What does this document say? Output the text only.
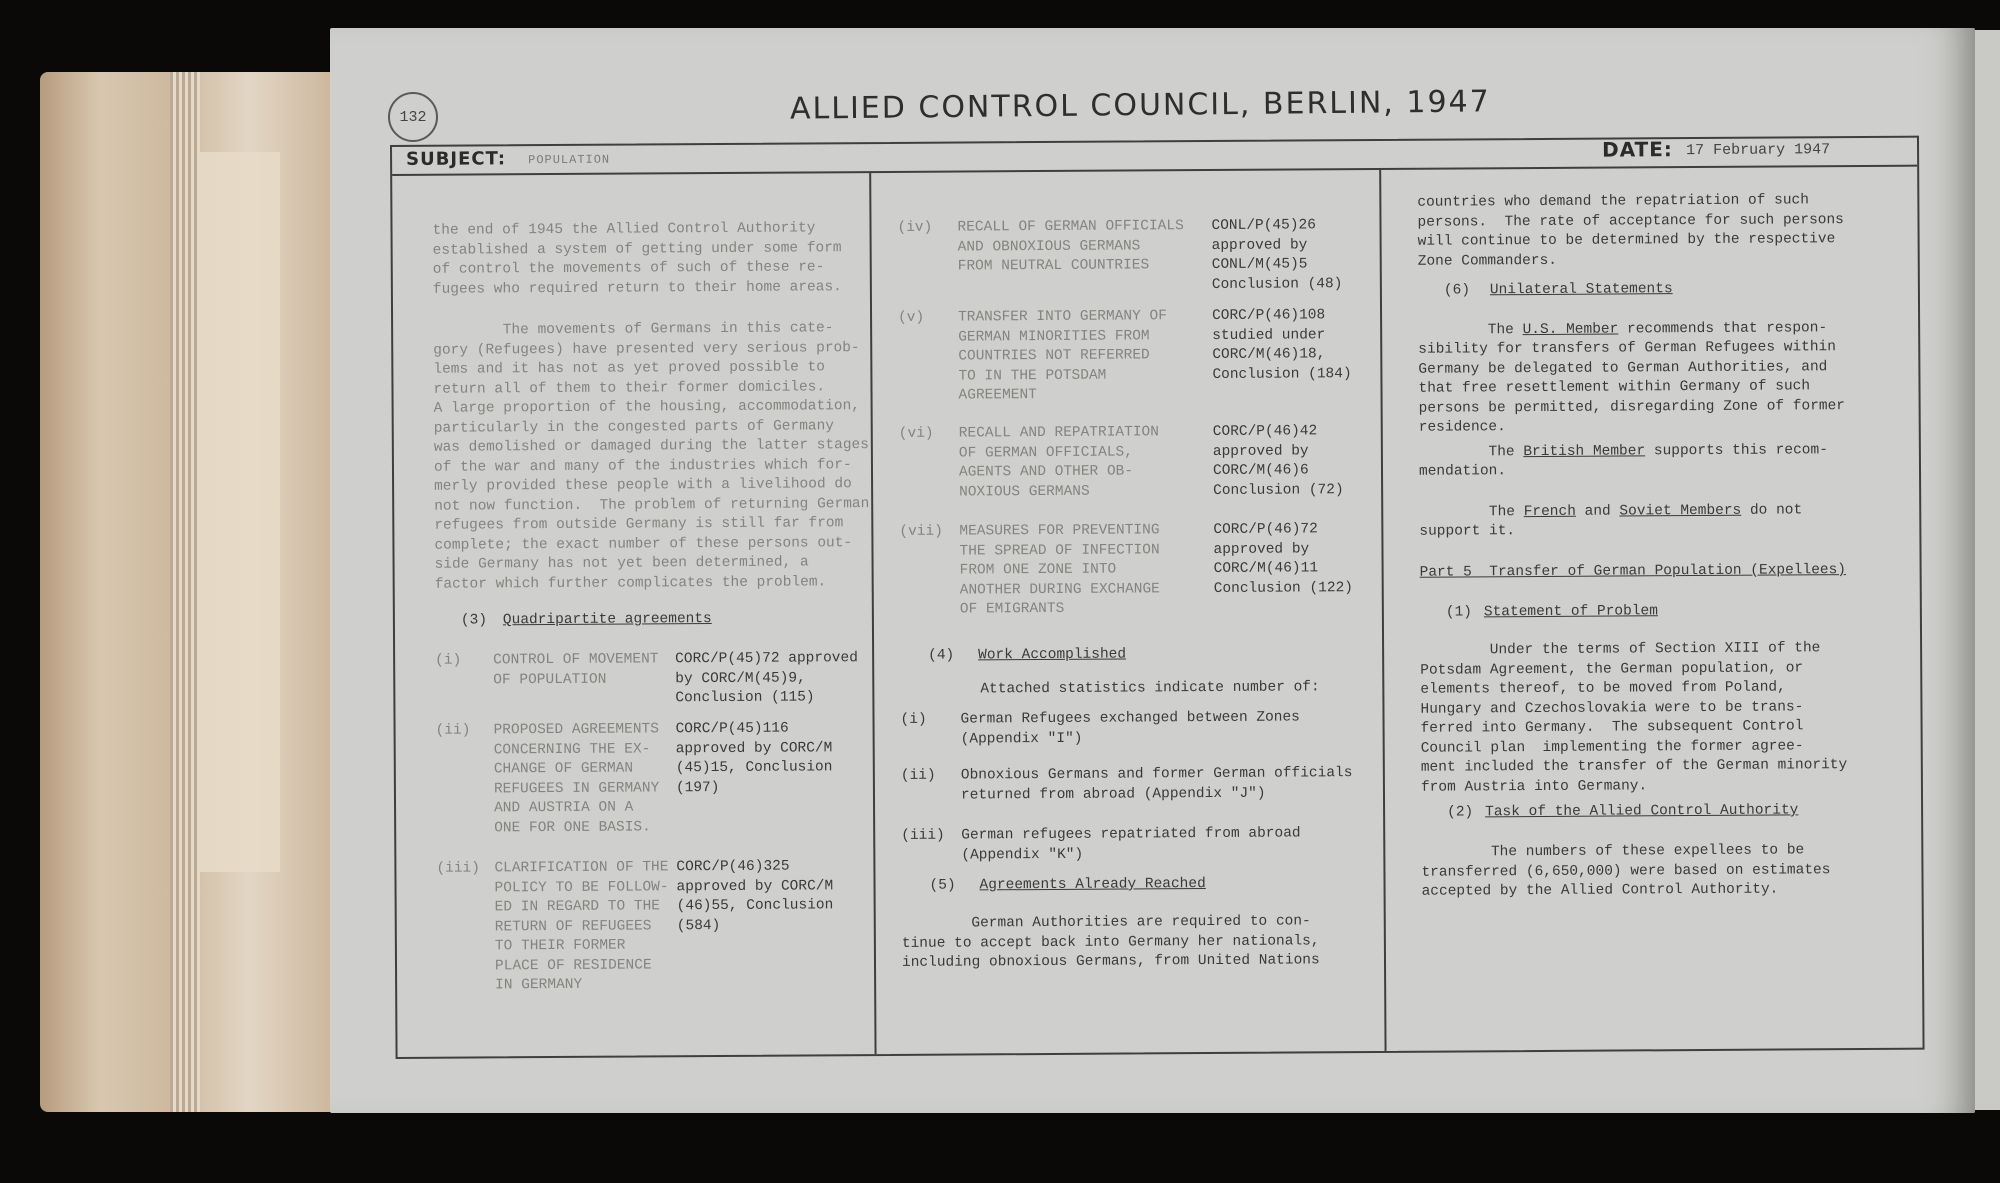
132	ALLIED CONTROL COUNCIL, BERLIN, 1947
SUBJECT: POPULATION	DATE: 17 February 1947
the end of 1945 the Allied Control Authority
established a system of getting under some form
of control the movements of such of these re-
fugees who required return to their home areas.
The movements of Germans in this cate-
gory (Refugees) have presented very serious prob-
lems and it has not as yet proved possible to
return all of them to their former domiciles.
A large proportion of the housing, accommodation,
particularly in the congested parts of Germany
was demolished or damaged during the latter stages
of the war and many of the industries which for-
merly provided these people with a livelihood do
not now function.  The problem of returning German
refugees from outside Germany is still far from
complete; the exact number of these persons out-
side Germany has not yet been determined, a
factor which further complicates the problem.
(3) Quadripartite agreements
(i) CONTROL OF MOVEMENT
OF POPULATION
CORC/P(45)72 approved
by CORC/M(45)9,
Conclusion (115)
(ii) PROPOSED AGREEMENTS
CONCERNING THE EX-
CHANGE OF GERMAN
REFUGEES IN GERMANY
AND AUSTRIA ON A
ONE FOR ONE BASIS.
CORC/P(45)116
approved by CORC/M
(45)15, Conclusion
(197)
(iii) CLARIFICATION OF THE
POLICY TO BE FOLLOW-
ED IN REGARD TO THE
RETURN OF REFUGEES
TO THEIR FORMER
PLACE OF RESIDENCE
IN GERMANY
CORC/P(46)325
approved by CORC/M
(46)55, Conclusion
(584)
(iv) RECALL OF GERMAN OFFICIALS
AND OBNOXIOUS GERMANS
FROM NEUTRAL COUNTRIES
CONL/P(45)26
approved by
CONL/M(45)5
Conclusion (48)
(v) TRANSFER INTO GERMANY OF
GERMAN MINORITIES FROM
COUNTRIES NOT REFERRED
TO IN THE POTSDAM
AGREEMENT
CORC/P(46)108
studied under
CORC/M(46)18,
Conclusion (184)
(vi) RECALL AND REPATRIATION
OF GERMAN OFFICIALS,
AGENTS AND OTHER OB-
NOXIOUS GERMANS
CORC/P(46)42
approved by
CORC/M(46)6
Conclusion (72)
(vii) MEASURES FOR PREVENTING
THE SPREAD OF INFECTION
FROM ONE ZONE INTO
ANOTHER DURING EXCHANGE
OF EMIGRANTS
CORC/P(46)72
approved by
CORC/M(46)11
Conclusion (122)
(4) Work Accomplished
Attached statistics indicate number of:
(i) German Refugees exchanged between Zones
(Appendix "I")
(ii) Obnoxious Germans and former German officials
returned from abroad (Appendix "J")
(iii) German refugees repatriated from abroad
(Appendix "K")
(5) Agreements Already Reached
German Authorities are required to con-
tinue to accept back into Germany her nationals,
including obnoxious Germans, from United Nations
countries who demand the repatriation of such
persons.  The rate of acceptance for such persons
will continue to be determined by the respective
Zone Commanders.
(6) Unilateral Statements
The U.S. Member recommends that respon-
sibility for transfers of German Refugees within
Germany be delegated to German Authorities, and
that free resettlement within Germany of such
persons be permitted, disregarding Zone of former
residence.
The British Member supports this recom-
mendation.
The French and Soviet Members do not
support it.
Part 5  Transfer of German Population (Expellees)
(1) Statement of Problem
Under the terms of Section XIII of the
Potsdam Agreement, the German population, or
elements thereof, to be moved from Poland,
Hungary and Czechoslovakia were to be trans-
ferred into Germany.  The subsequent Control
Council plan  implementing the former agree-
ment included the transfer of the German minority
from Austria into Germany.
(2) Task of the Allied Control Authority
The numbers of these expellees to be
transferred (6,650,000) were based on estimates
accepted by the Allied Control Authority.
